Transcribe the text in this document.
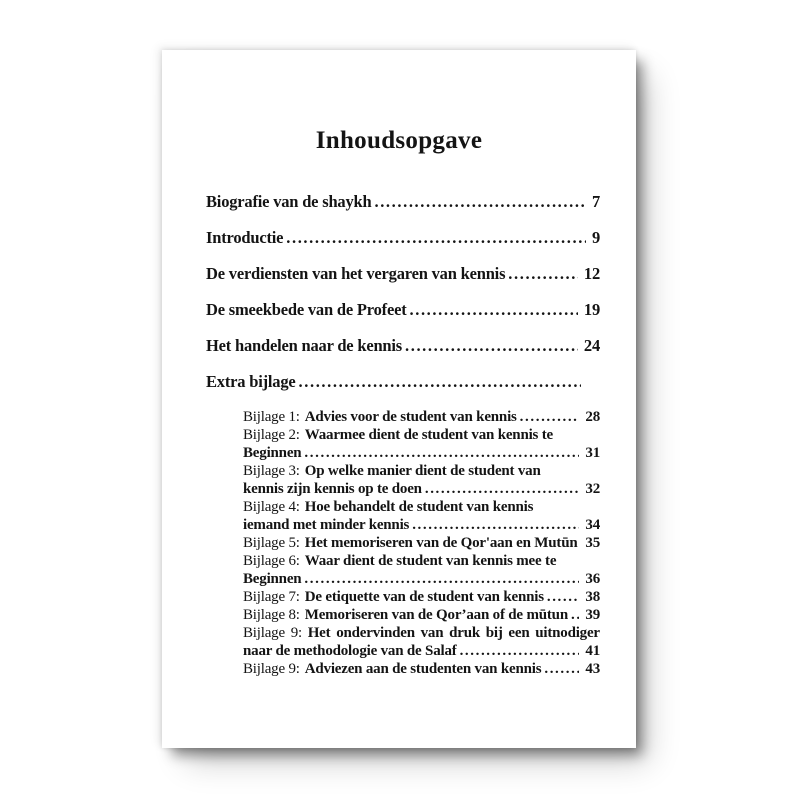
Inhoudsopgave
Biografie van de shaykh .....	7
Introductie .....	9
De verdiensten van het vergaren van kennis .....	12
De smeekbede van de Profeet .....	19
Het handelen naar de kennis .....	24
Extra bijlage
.....
Bijlage 1: Advies voor de student van kennis .....	28
Bijlage 2: Waarmee dient de student van kennis te
Beginnen .....	31
Bijlage 3: Op welke manier dient de student van
kennis zijn kennis op te doen .....	32
Bijlage 4: Hoe behandelt de student van kennis
iemand met minder kennis .....	34
Bijlage 5: Het memoriseren van de Qor'aan en Mutūn ..... 35
Bijlage 6: Waar dient de student van kennis mee te
Beginnen .....	36
Bijlage 7: De etiquette van de student van kennis .....	38
Bijlage 8: Memoriseren van de Qor’aan of de mūtun .....	39
Bijlage 9: Het ondervinden van druk bij een uitnodiger
naar de methodologie van de Salaf .....	41
Bijlage 9: Adviezen aan de studenten van kennis .....	43
